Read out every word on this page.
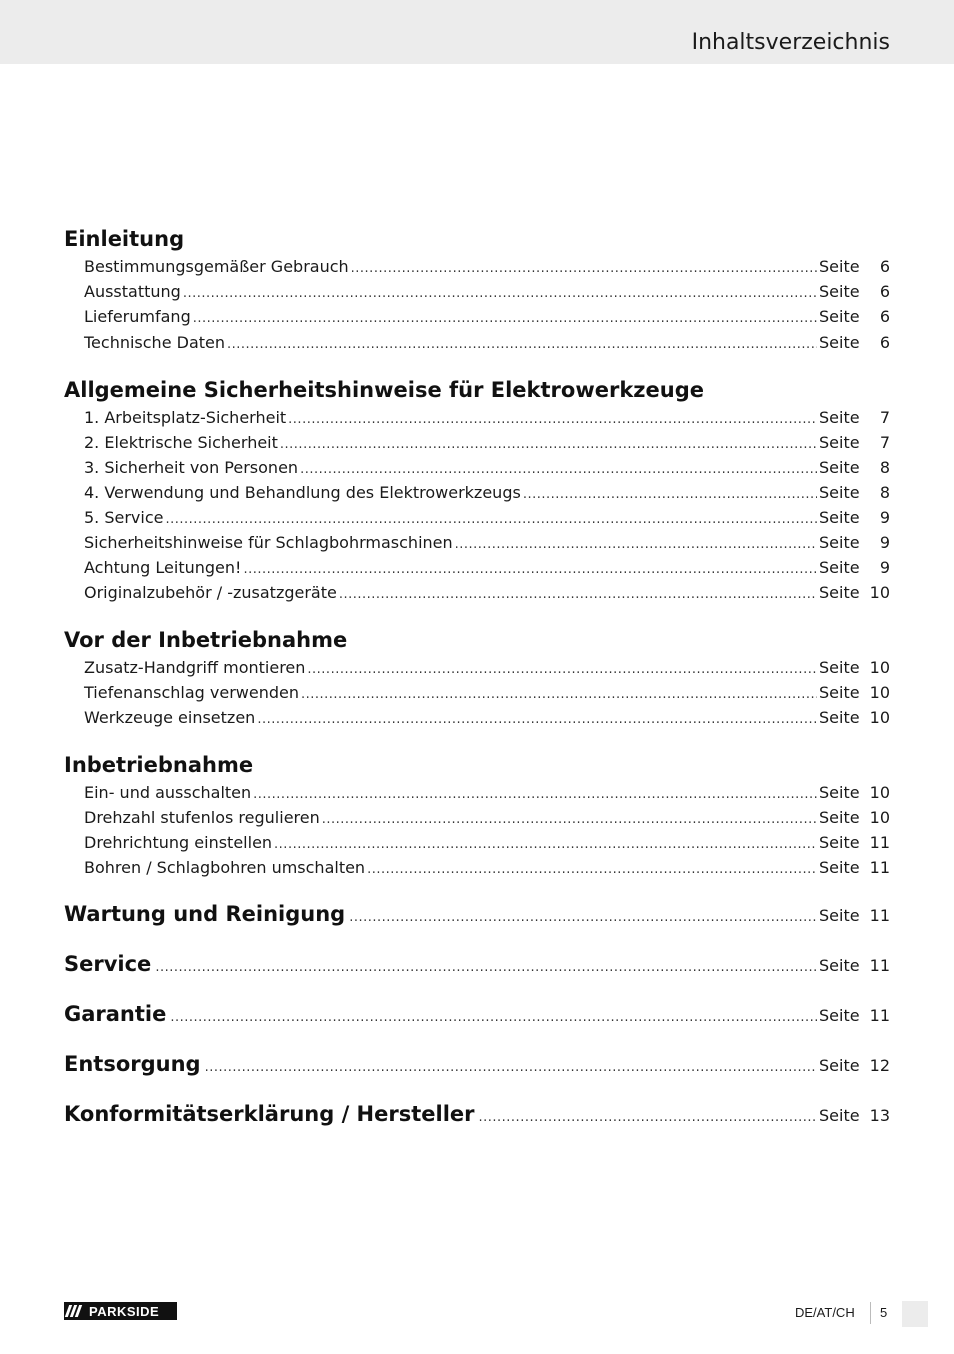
Inhaltsverzeichnis
Einleitung
Bestimmungsgemäßer Gebrauch .....	Seite	6
Ausstattung .....	Seite	6
Lieferumfang .....	Seite	6
Technische Daten .....	Seite	6
Allgemeine Sicherheitshinweise für Elektrowerkzeuge
1. Arbeitsplatz-Sicherheit .....	Seite	7
2. Elektrische Sicherheit .....	Seite	7
3. Sicherheit von Personen .....	Seite	8
4. Verwendung und Behandlung des Elektrowerkzeugs .....	Seite	8
5. Service .....	Seite	9
Sicherheitshinweise für Schlagbohrmaschinen .....	Seite	9
Achtung Leitungen! .....	Seite	9
Originalzubehör / -zusatzgeräte .....	Seite 10
Vor der Inbetriebnahme
Zusatz-Handgriff montieren .....	Seite 10
Tiefenanschlag verwenden .....	Seite 10
Werkzeuge einsetzen .....	Seite 10
Inbetriebnahme
Ein- und ausschalten .....	Seite 10
Drehzahl stufenlos regulieren .....	Seite 10
Drehrichtung einstellen .....	Seite 11
Bohren / Schlagbohren umschalten .....	Seite 11
Wartung und Reinigung .....	Seite 11
Service .....	Seite 11
Garantie .....	Seite 11
Entsorgung .....	Seite 12
Konformitätserklärung / Hersteller .....	Seite 13
PARKSIDE	DE/AT/CH 5
